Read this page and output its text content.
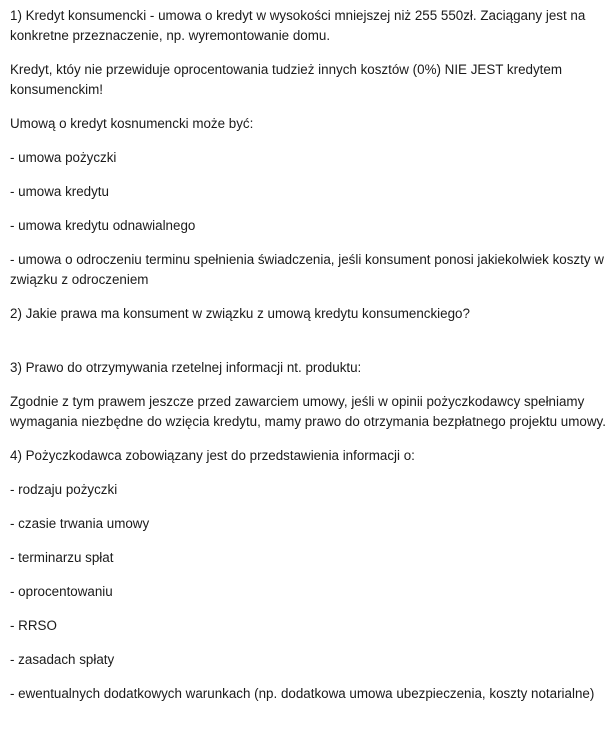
1) Kredyt konsumencki - umowa o kredyt w wysokości mniejszej niż 255 550zł. Zaciągany jest na konkretne przeznaczenie, np. wyremontowanie domu.

Kredyt, któy nie przewiduje oprocentowania tudzież innych kosztów (0%) NIE JEST kredytem konsumenckim!

Umową o kredyt kosnumencki może być:

- umowa pożyczki

- umowa kredytu

- umowa kredytu odnawialnego

- umowa o odroczeniu terminu spełnienia świadczenia, jeśli konsument ponosi jakiekolwiek koszty w związku z odroczeniem

2) Jakie prawa ma konsument w związku z umową kredytu konsumenckiego?

3) Prawo do otrzymywania rzetelnej informacji nt. produktu:

Zgodnie z tym prawem jeszcze przed zawarciem umowy, jeśli w opinii pożyczkodawcy spełniamy wymagania niezbędne do wzięcia kredytu, mamy prawo do otrzymania bezpłatnego projektu umowy.

4) Pożyczkodawca zobowiązany jest do przedstawienia informacji o:

- rodzaju pożyczki

- czasie trwania umowy

- terminarzu spłat

- oprocentowaniu

- RRSO

- zasadach spłaty

- ewentualnych dodatkowych warunkach (np. dodatkowa umowa ubezpieczenia, koszty notarialne)
